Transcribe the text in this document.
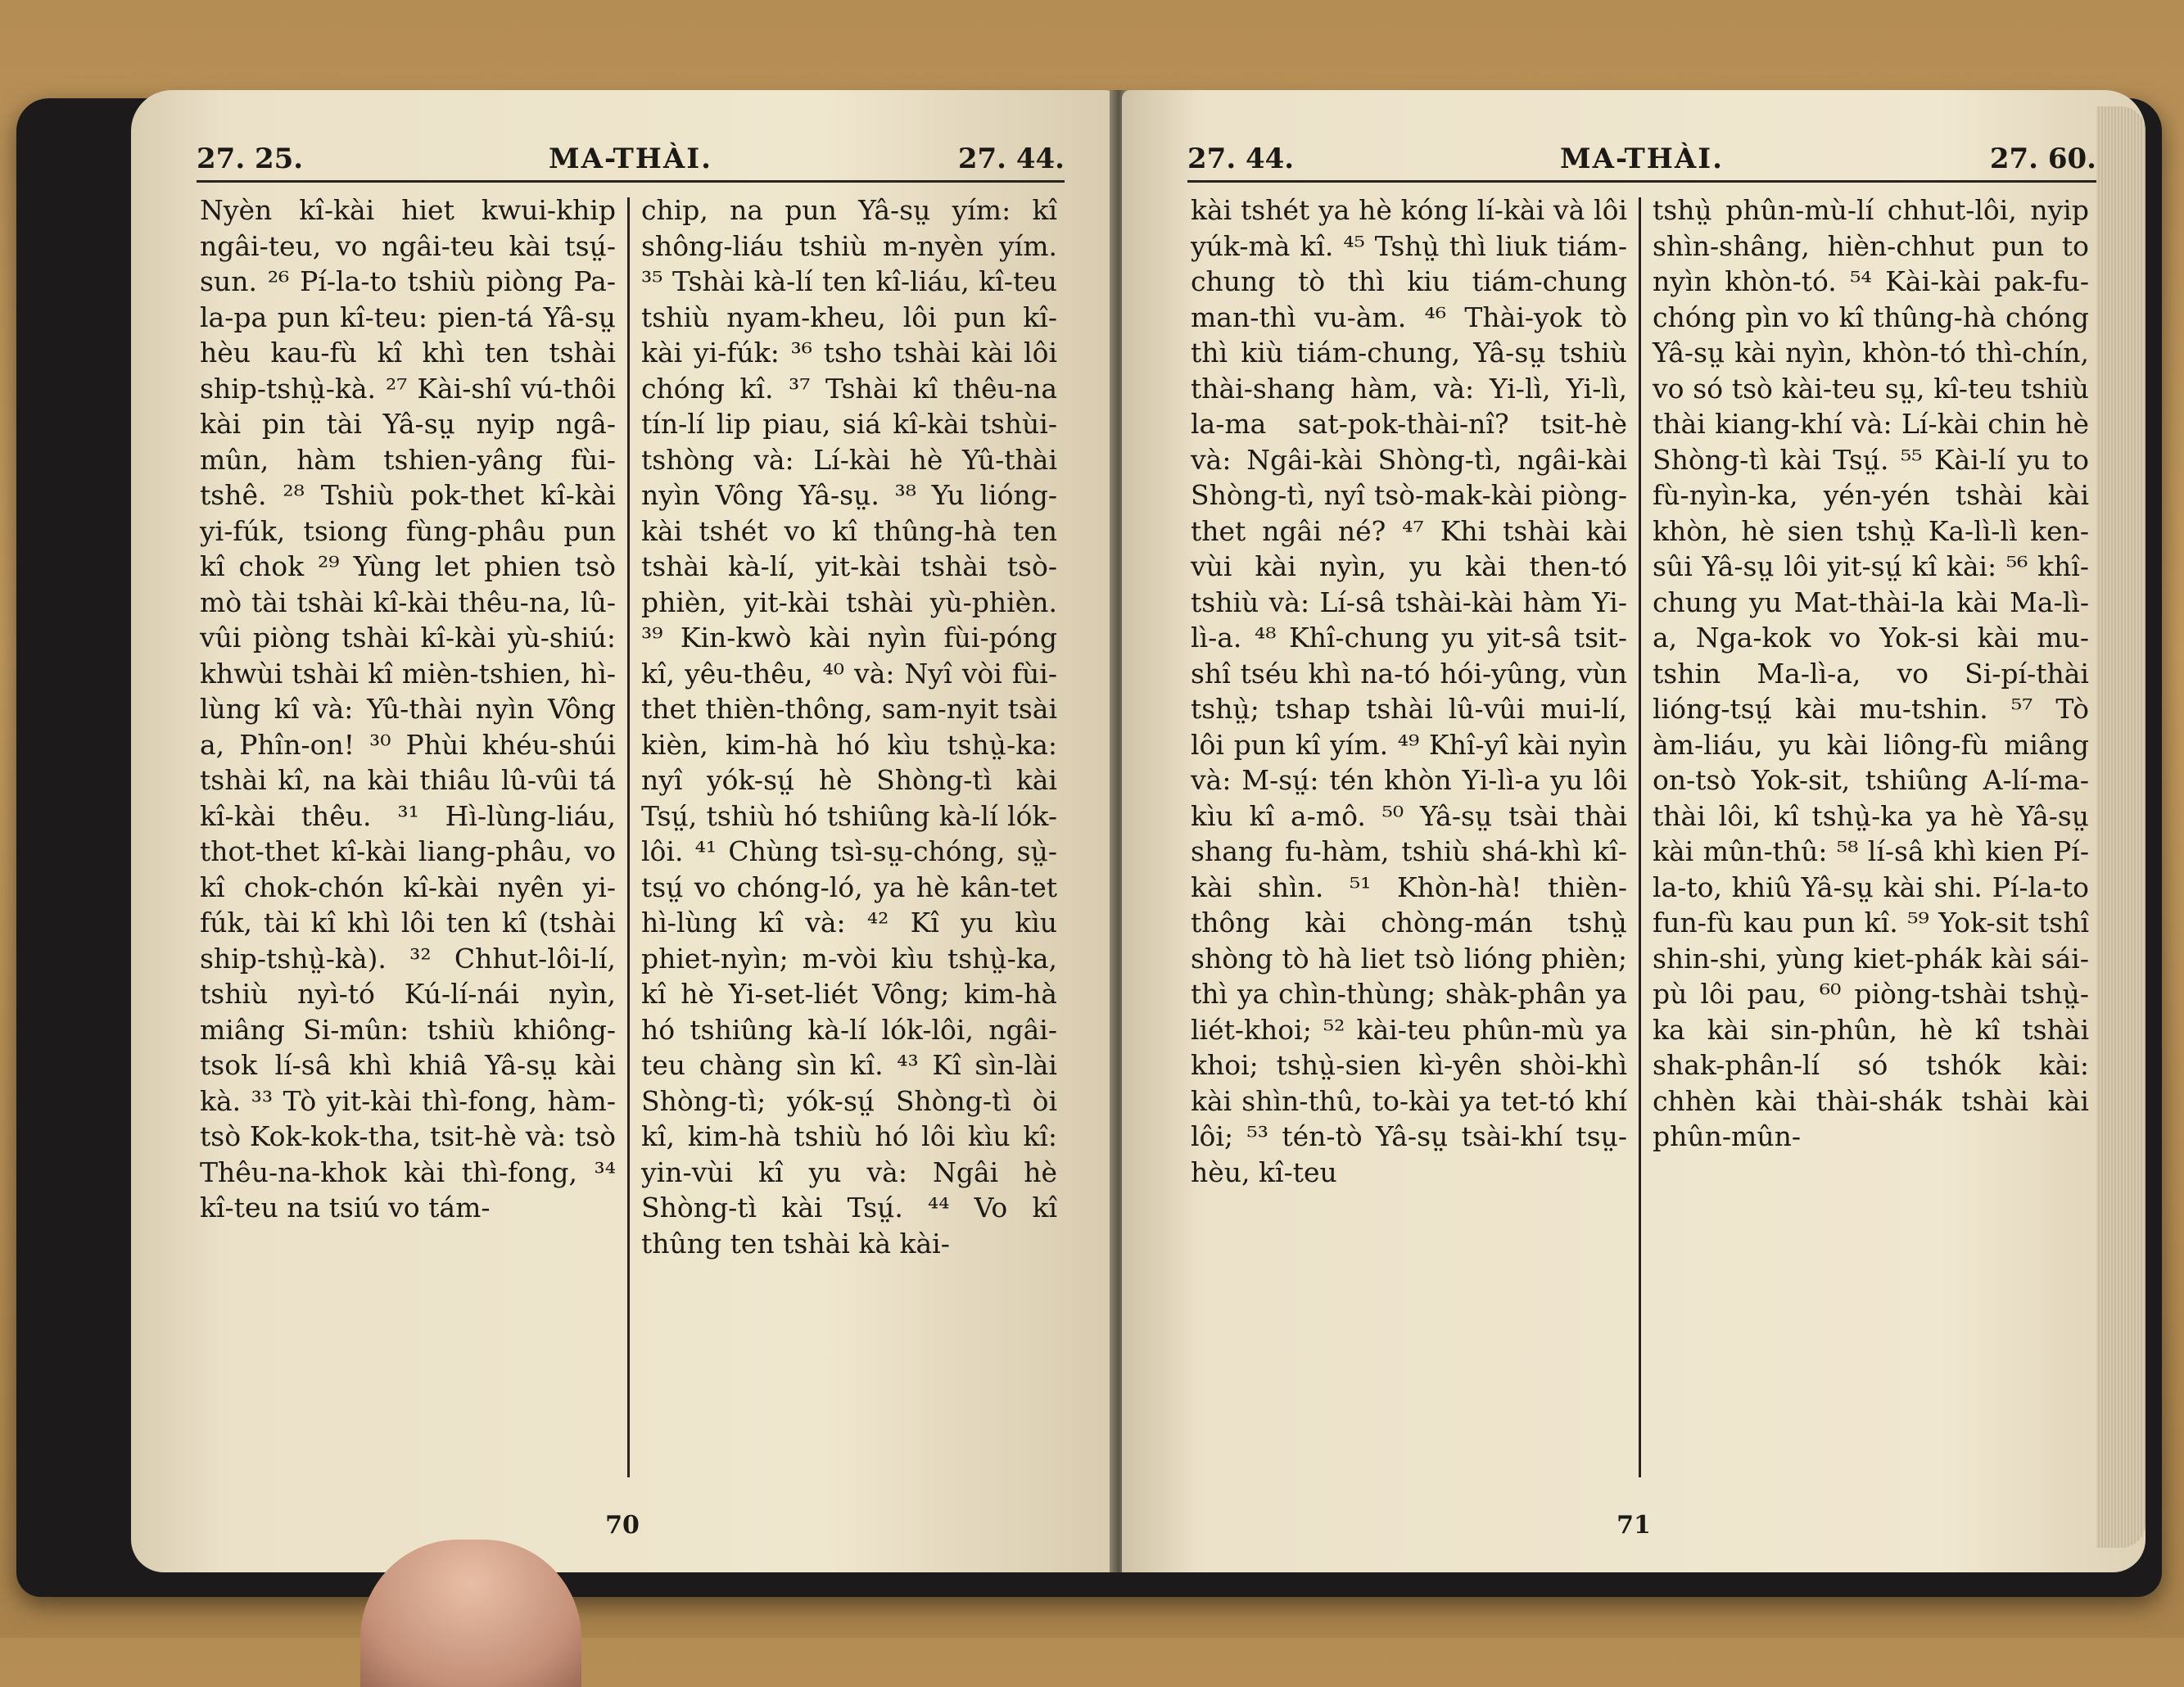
27. 25.	MA-THÀI.	27. 44.

Nyèn kî-kài hiet kwui-khip ngâi-teu, vo ngâi-teu kài tsṳ́-sun. ²⁶ Pí-la-to tshiù piòng Pa-la-pa pun kî-teu: pien-tá Yâ-sṳ hèu kau-fù kî khì ten tshài ship-tshṳ̀-kà. ²⁷ Kài-shî vú-thôi kài pin tài Yâ-sṳ nyip ngâ-mûn, hàm tshien-yâng fùi-tshê. ²⁸ Tshiù pok-thet kî-kài yi-fúk, tsiong fùng-phâu pun kî chok ²⁹ Yùng let phien tsò mò tài tshài kî-kài thêu-na, lû-vûi piòng tshài kî-kài yù-shiú: khwùi tshài kî mièn-tshien, hì-lùng kî và: Yû-thài nyìn Vông a, Phîn-on! ³⁰ Phùi khéu-shúi tshài kî, na kài thiâu lû-vûi tá kî-kài thêu. ³¹ Hì-lùng-liáu, thot-thet kî-kài liang-phâu, vo kî chok-chón kî-kài nyên yi-fúk, tài kî khì lôi ten kî (tshài ship-tshṳ̀-kà). ³² Chhut-lôi-lí, tshiù nyì-tó Kú-lí-nái nyìn, miâng Si-mûn: tshiù khiông-tsok lí-sâ khì khiâ Yâ-sṳ kài kà. ³³ Tò yit-kài thì-fong, hàm-tsò Kok-kok-tha, tsit-hè và: tsò Thêu-na-khok kài thì-fong, ³⁴ kî-teu na tsiú vo tám-

chip, na pun Yâ-sṳ yím: kî shông-liáu tshiù m-nyèn yím. ³⁵ Tshài kà-lí ten kî-liáu, kî-teu tshiù nyam-kheu, lôi pun kî-kài yi-fúk: ³⁶ tsho tshài kài lôi chóng kî. ³⁷ Tshài kî thêu-na tín-lí lip piau, siá kî-kài tshùi-tshòng và: Lí-kài hè Yû-thài nyìn Vông Yâ-sṳ. ³⁸ Yu lióng-kài tshét vo kî thûng-hà ten tshài kà-lí, yit-kài tshài tsò-phièn, yit-kài tshài yù-phièn. ³⁹ Kin-kwò kài nyìn fùi-póng kî, yêu-thêu, ⁴⁰ và: Nyî vòi fùi-thet thièn-thông, sam-nyit tsài kièn, kim-hà hó kìu tshṳ̀-ka: nyî yók-sṳ́ hè Shòng-tì kài Tsṳ́, tshiù hó tshiûng kà-lí lók-lôi. ⁴¹ Chùng tsì-sṳ-chóng, sṳ̀-tsṳ́ vo chóng-ló, ya hè kân-tet hì-lùng kî và: ⁴² Kî yu kìu phiet-nyìn; m-vòi kìu tshṳ̀-ka, kî hè Yi-set-liét Vông; kim-hà hó tshiûng kà-lí lók-lôi, ngâi-teu chàng sìn kî. ⁴³ Kî sìn-lài Shòng-tì; yók-sṳ́ Shòng-tì òi kî, kim-hà tshiù hó lôi kìu kî: yin-vùi kî yu và: Ngâi hè Shòng-tì kài Tsṳ́. ⁴⁴ Vo kî thûng ten tshài kà kài-

70
27. 44.	MA-THÀI.	27. 60.

kài tshét ya hè kóng lí-kài và lôi yúk-mà kî. ⁴⁵ Tshṳ̀ thì liuk tiám-chung tò thì kiu tiám-chung man-thì vu-àm. ⁴⁶ Thài-yok tò thì kiù tiám-chung, Yâ-sṳ tshiù thài-shang hàm, và: Yi-lì, Yi-lì, la-ma sat-pok-thài-nî? tsit-hè và: Ngâi-kài Shòng-tì, ngâi-kài Shòng-tì, nyî tsò-mak-kài piòng-thet ngâi né? ⁴⁷ Khi tshài kài vùi kài nyìn, yu kài then-tó tshiù và: Lí-sâ tshài-kài hàm Yi-lì-a. ⁴⁸ Khî-chung yu yit-sâ tsit-shî tséu khì na-tó hói-yûng, vùn tshṳ̀; tshap tshài lû-vûi mui-lí, lôi pun kî yím. ⁴⁹ Khî-yî kài nyìn và: M-sṳ́: tén khòn Yi-lì-a yu lôi kìu kî a-mô. ⁵⁰ Yâ-sṳ tsài thài shang fu-hàm, tshiù shá-khì kî-kài shìn. ⁵¹ Khòn-hà! thièn-thông kài chòng-mán tshṳ̀ shòng tò hà liet tsò lióng phièn; thì ya chìn-thùng; shàk-phân ya liét-khoi; ⁵² kài-teu phûn-mù ya khoi; tshṳ̀-sien kì-yên shòi-khì kài shìn-thû, to-kài ya tet-tó khí lôi; ⁵³ tén-tò Yâ-sṳ tsài-khí tsṳ-hèu, kî-teu

tshṳ̀ phûn-mù-lí chhut-lôi, nyip shìn-shâng, hièn-chhut pun to nyìn khòn-tó. ⁵⁴ Kài-kài pak-fu-chóng pìn vo kî thûng-hà chóng Yâ-sṳ kài nyìn, khòn-tó thì-chín, vo só tsò kài-teu sṳ, kî-teu tshiù thài kiang-khí và: Lí-kài chin hè Shòng-tì kài Tsṳ́. ⁵⁵ Kài-lí yu to fù-nyìn-ka, yén-yén tshài kài khòn, hè sien tshṳ̀ Ka-lì-lì ken-sûi Yâ-sṳ lôi yit-sṳ́ kî kài: ⁵⁶ khî-chung yu Mat-thài-la kài Ma-lì-a, Nga-kok vo Yok-si kài mu-tshin Ma-lì-a, vo Si-pí-thài lióng-tsṳ́ kài mu-tshin. ⁵⁷ Tò àm-liáu, yu kài liông-fù miâng on-tsò Yok-sit, tshiûng A-lí-ma-thài lôi, kî tshṳ̀-ka ya hè Yâ-sṳ kài mûn-thû: ⁵⁸ lí-sâ khì kien Pí-la-to, khiû Yâ-sṳ kài shi. Pí-la-to fun-fù kau pun kî. ⁵⁹ Yok-sit tshî shin-shi, yùng kiet-phák kài sái-pù lôi pau, ⁶⁰ piòng-tshài tshṳ̀-ka kài sin-phûn, hè kî tshài shak-phân-lí só tshók kài: chhèn kài thài-shák tshài kài phûn-mûn-

71
